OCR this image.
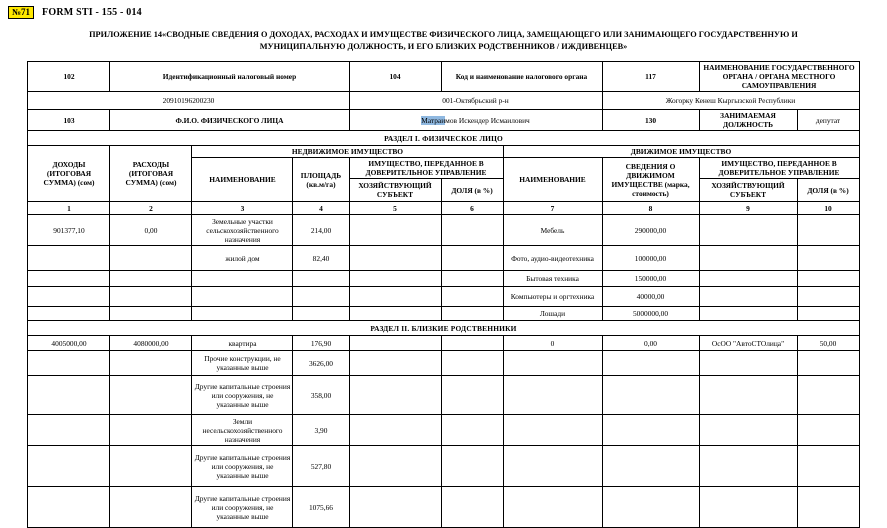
№71	FORM STI - 155 - 014
ПРИЛОЖЕНИЕ 14«СВОДНЫЕ СВЕДЕНИЯ О ДОХОДАХ, РАСХОДАХ И ИМУЩЕСТВЕ ФИЗИЧЕСКОГО ЛИЦА, ЗАМЕЩАЮЩЕГО ИЛИ ЗАНИМАЮЩЕГО ГОСУДАРСТВЕННУЮ И МУНИЦИПАЛЬНУЮ ДОЛЖНОСТЬ, И ЕГО БЛИЗКИХ РОДСТВЕННИКОВ / ИЖДИВЕНЦЕВ»
102	Идентификационный налоговый номер			104	Код и наименование налогового органа		117	НАИМЕНОВАНИЕ ГОСУДАРСТВЕННОГО ОРГАНА / ОРГАНА МЕСТНОГО САМОУПРАВЛЕНИЯ	
20910196200230				001-Октябрьский р-н			Жогорку Кенеш Кыргызской Республики		
103	Ф.И.О. ФИЗИЧЕСКОГО ЛИЦА			Матраимов Искендер Исмаилович			130	ЗАНИМАЕМАЯ ДОЛЖНОСТЬ	депутат
РАЗДЕЛ I. ФИЗИЧЕСКОЕ ЛИЦО									
ДОХОДЫ (ИТОГОВАЯ СУММА) (сом)	РАСХОДЫ (ИТОГОВАЯ СУММА) (сом)	НЕДВИЖИМОЕ ИМУЩЕСТВО				ДВИЖИМОЕ ИМУЩЕСТВО			
		НАИМЕНОВАНИЕ	ПЛОЩАДЬ (кв.м/га)	ИМУЩЕСТВО, ПЕРЕДАННОЕ В ДОВЕРИТЕЛЬНОЕ УПРАВЛЕНИЕ		НАИМЕНОВАНИЕ	СВЕДЕНИЯ О ДВИЖИМОМ ИМУЩЕСТВЕ (марка, стоимость)	ИМУЩЕСТВО, ПЕРЕДАННОЕ В ДОВЕРИТЕЛЬНОЕ УПРАВЛЕНИЕ	
				ХОЗЯЙСТВУЮЩИЙ СУБЪЕКТ	ДОЛЯ (в %)			ХОЗЯЙСТВУЮЩИЙ СУБЪЕКТ	ДОЛЯ (в %)
1	2	3	4	5	6	7	8	9	10
901377,10	0,00	Земельные участки сельскохозяйственного назначения	214,00			Мебель	290000,00		
		жилой дом	82,40			Фото, аудио-видеотехника	100000,00		
						Бытовая техника	150000,00		
						Компьютеры и оргтехника	40000,00		
						Лошади	5000000,00		
РАЗДЕЛ II. БЛИЗКИЕ РОДСТВЕННИКИ									
4005000,00	4080000,00	квартира	176,90			0	0,00	ОсОО "АвтоСТОлица"	50,00
		Прочие конструкции, не указанные выше	3626,00						
		Другие капитальные строения или сооружения, не указанные выше	358,00						
		Земли несельскохозяйственного назначения	3,90						
		Другие капитальные строения или сооружения, не указанные выше	527,80						
		Другие капитальные строения или сооружения, не указанные выше	1075,66						
